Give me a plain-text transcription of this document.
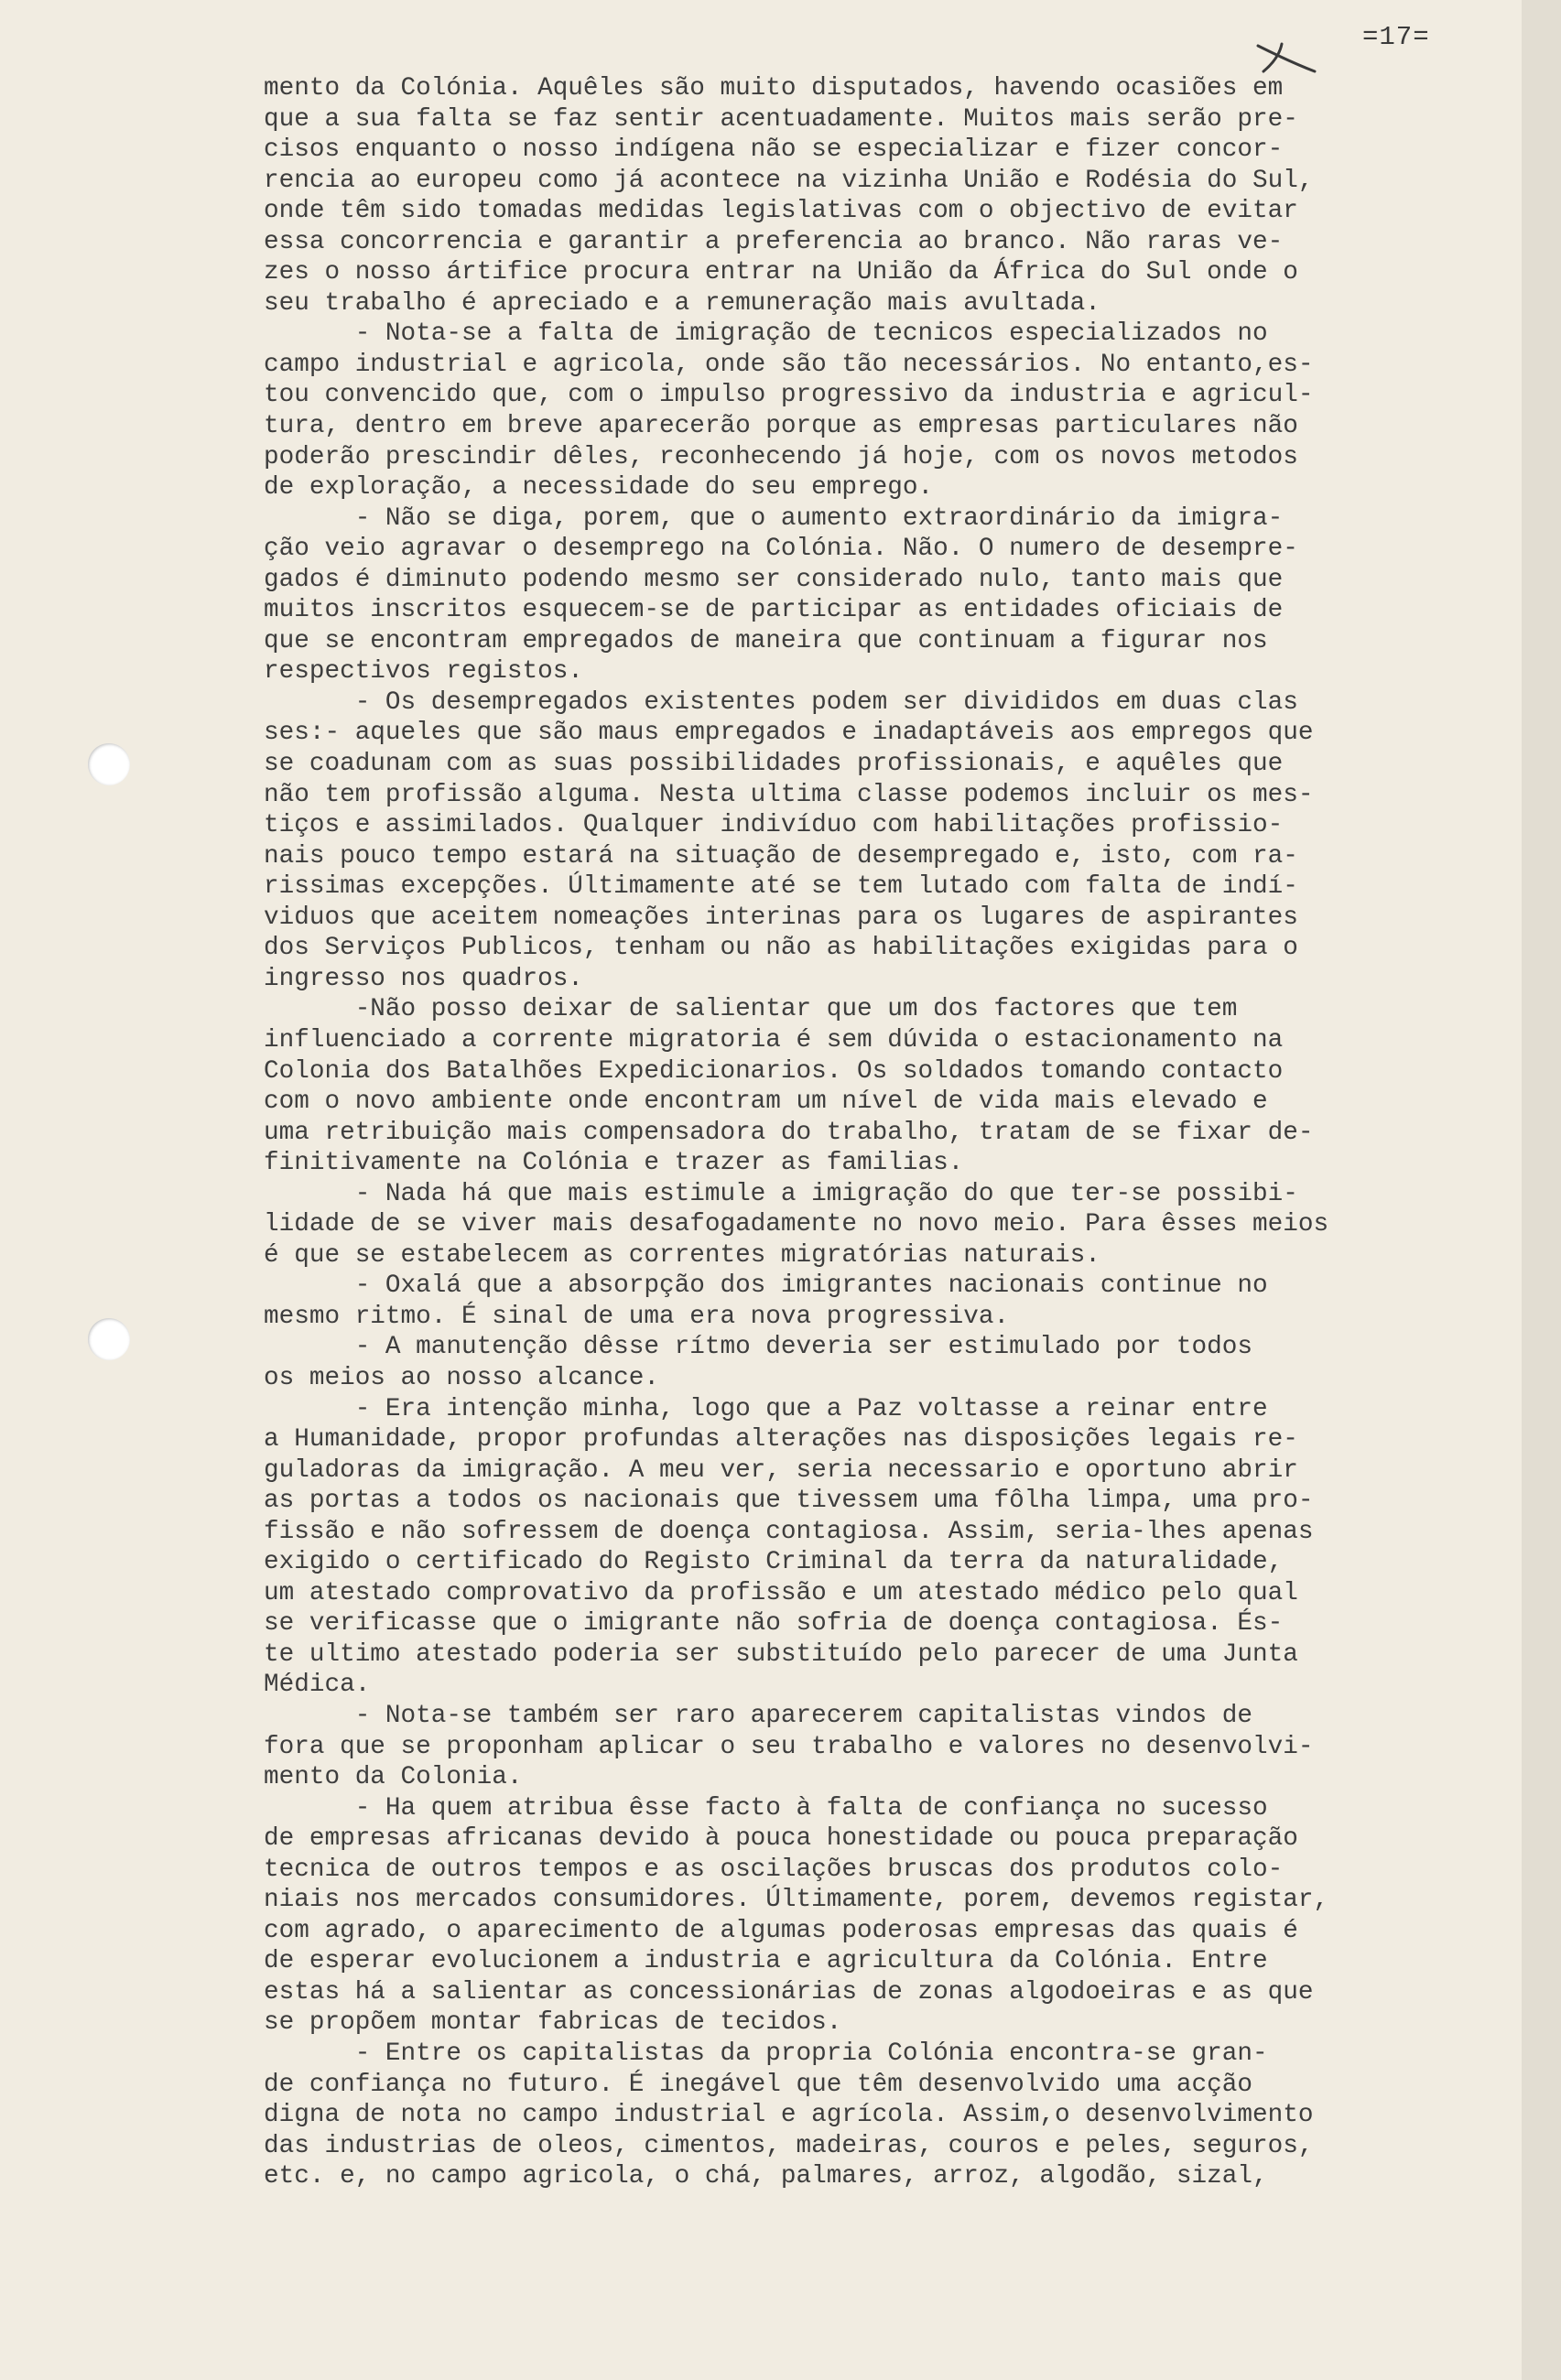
=17=
mento da Colónia. Aquêles são muito disputados, havendo ocasiões em
que a sua falta se faz sentir acentuadamente. Muitos mais serão pre-
cisos enquanto o nosso indígena não se especializar e fizer concor-
rencia ao europeu como já acontece na vizinha União e Rodésia do Sul,
onde têm sido tomadas medidas legislativas com o objectivo de evitar
essa concorrencia e garantir a preferencia ao branco. Não raras ve-
zes o nosso ártifice procura entrar na União da África do Sul onde o
seu trabalho é apreciado e a remuneração mais avultada.
- Nota-se a falta de imigração de tecnicos especializados no
campo industrial e agricola, onde são tão necessários. No entanto,es-
tou convencido que, com o impulso progressivo da industria e agricul-
tura, dentro em breve aparecerão porque as empresas particulares não
poderão prescindir dêles, reconhecendo já hoje, com os novos metodos
de exploração, a necessidade do seu emprego.
- Não se diga, porem, que o aumento extraordinário da imigra-
ção veio agravar o desemprego na Colónia. Não. O numero de desempre-
gados é diminuto podendo mesmo ser considerado nulo, tanto mais que
muitos inscritos esquecem-se de participar as entidades oficiais de
que se encontram empregados de maneira que continuam a figurar nos
respectivos registos.
- Os desempregados existentes podem ser divididos em duas clas
ses:- aqueles que são maus empregados e inadaptáveis aos empregos que
se coadunam com as suas possibilidades profissionais, e aquêles que
não tem profissão alguma. Nesta ultima classe podemos incluir os mes-
tiços e assimilados. Qualquer indivíduo com habilitações profissio-
nais pouco tempo estará na situação de desempregado e, isto, com ra-
rissimas excepções. Últimamente até se tem lutado com falta de indí-
viduos que aceitem nomeações interinas para os lugares de aspirantes
dos Serviços Publicos, tenham ou não as habilitações exigidas para o
ingresso nos quadros.
-Não posso deixar de salientar que um dos factores que tem
influenciado a corrente migratoria é sem dúvida o estacionamento na
Colonia dos Batalhões Expedicionarios. Os soldados tomando contacto
com o novo ambiente onde encontram um nível de vida mais elevado e
uma retribuição mais compensadora do trabalho, tratam de se fixar de-
finitivamente na Colónia e trazer as familias.
- Nada há que mais estimule a imigração do que ter-se possibi-
lidade de se viver mais desafogadamente no novo meio. Para êsses meios
é que se estabelecem as correntes migratórias naturais.
- Oxalá que a absorpção dos imigrantes nacionais continue no
mesmo ritmo. É sinal de uma era nova progressiva.
- A manutenção dêsse rítmo deveria ser estimulado por todos
os meios ao nosso alcance.
- Era intenção minha, logo que a Paz voltasse a reinar entre
a Humanidade, propor profundas alterações nas disposições legais re-
guladoras da imigração. A meu ver, seria necessario e oportuno abrir
as portas a todos os nacionais que tivessem uma fôlha limpa, uma pro-
fissão e não sofressem de doença contagiosa. Assim, seria-lhes apenas
exigido o certificado do Registo Criminal da terra da naturalidade,
um atestado comprovativo da profissão e um atestado médico pelo qual
se verificasse que o imigrante não sofria de doença contagiosa. És-
te ultimo atestado poderia ser substituído pelo parecer de uma Junta
Médica.
- Nota-se também ser raro aparecerem capitalistas vindos de
fora que se proponham aplicar o seu trabalho e valores no desenvolvi-
mento da Colonia.
- Ha quem atribua êsse facto à falta de confiança no sucesso
de empresas africanas devido à pouca honestidade ou pouca preparação
tecnica de outros tempos e as oscilações bruscas dos produtos colo-
niais nos mercados consumidores. Últimamente, porem, devemos registar,
com agrado, o aparecimento de algumas poderosas empresas das quais é
de esperar evolucionem a industria e agricultura da Colónia. Entre
estas há a salientar as concessionárias de zonas algodoeiras e as que
se propõem montar fabricas de tecidos.
- Entre os capitalistas da propria Colónia encontra-se gran-
de confiança no futuro. É inegável que têm desenvolvido uma acção
digna de nota no campo industrial e agrícola. Assim,o desenvolvimento
das industrias de oleos, cimentos, madeiras, couros e peles, seguros,
etc. e, no campo agricola, o chá, palmares, arroz, algodão, sizal,
